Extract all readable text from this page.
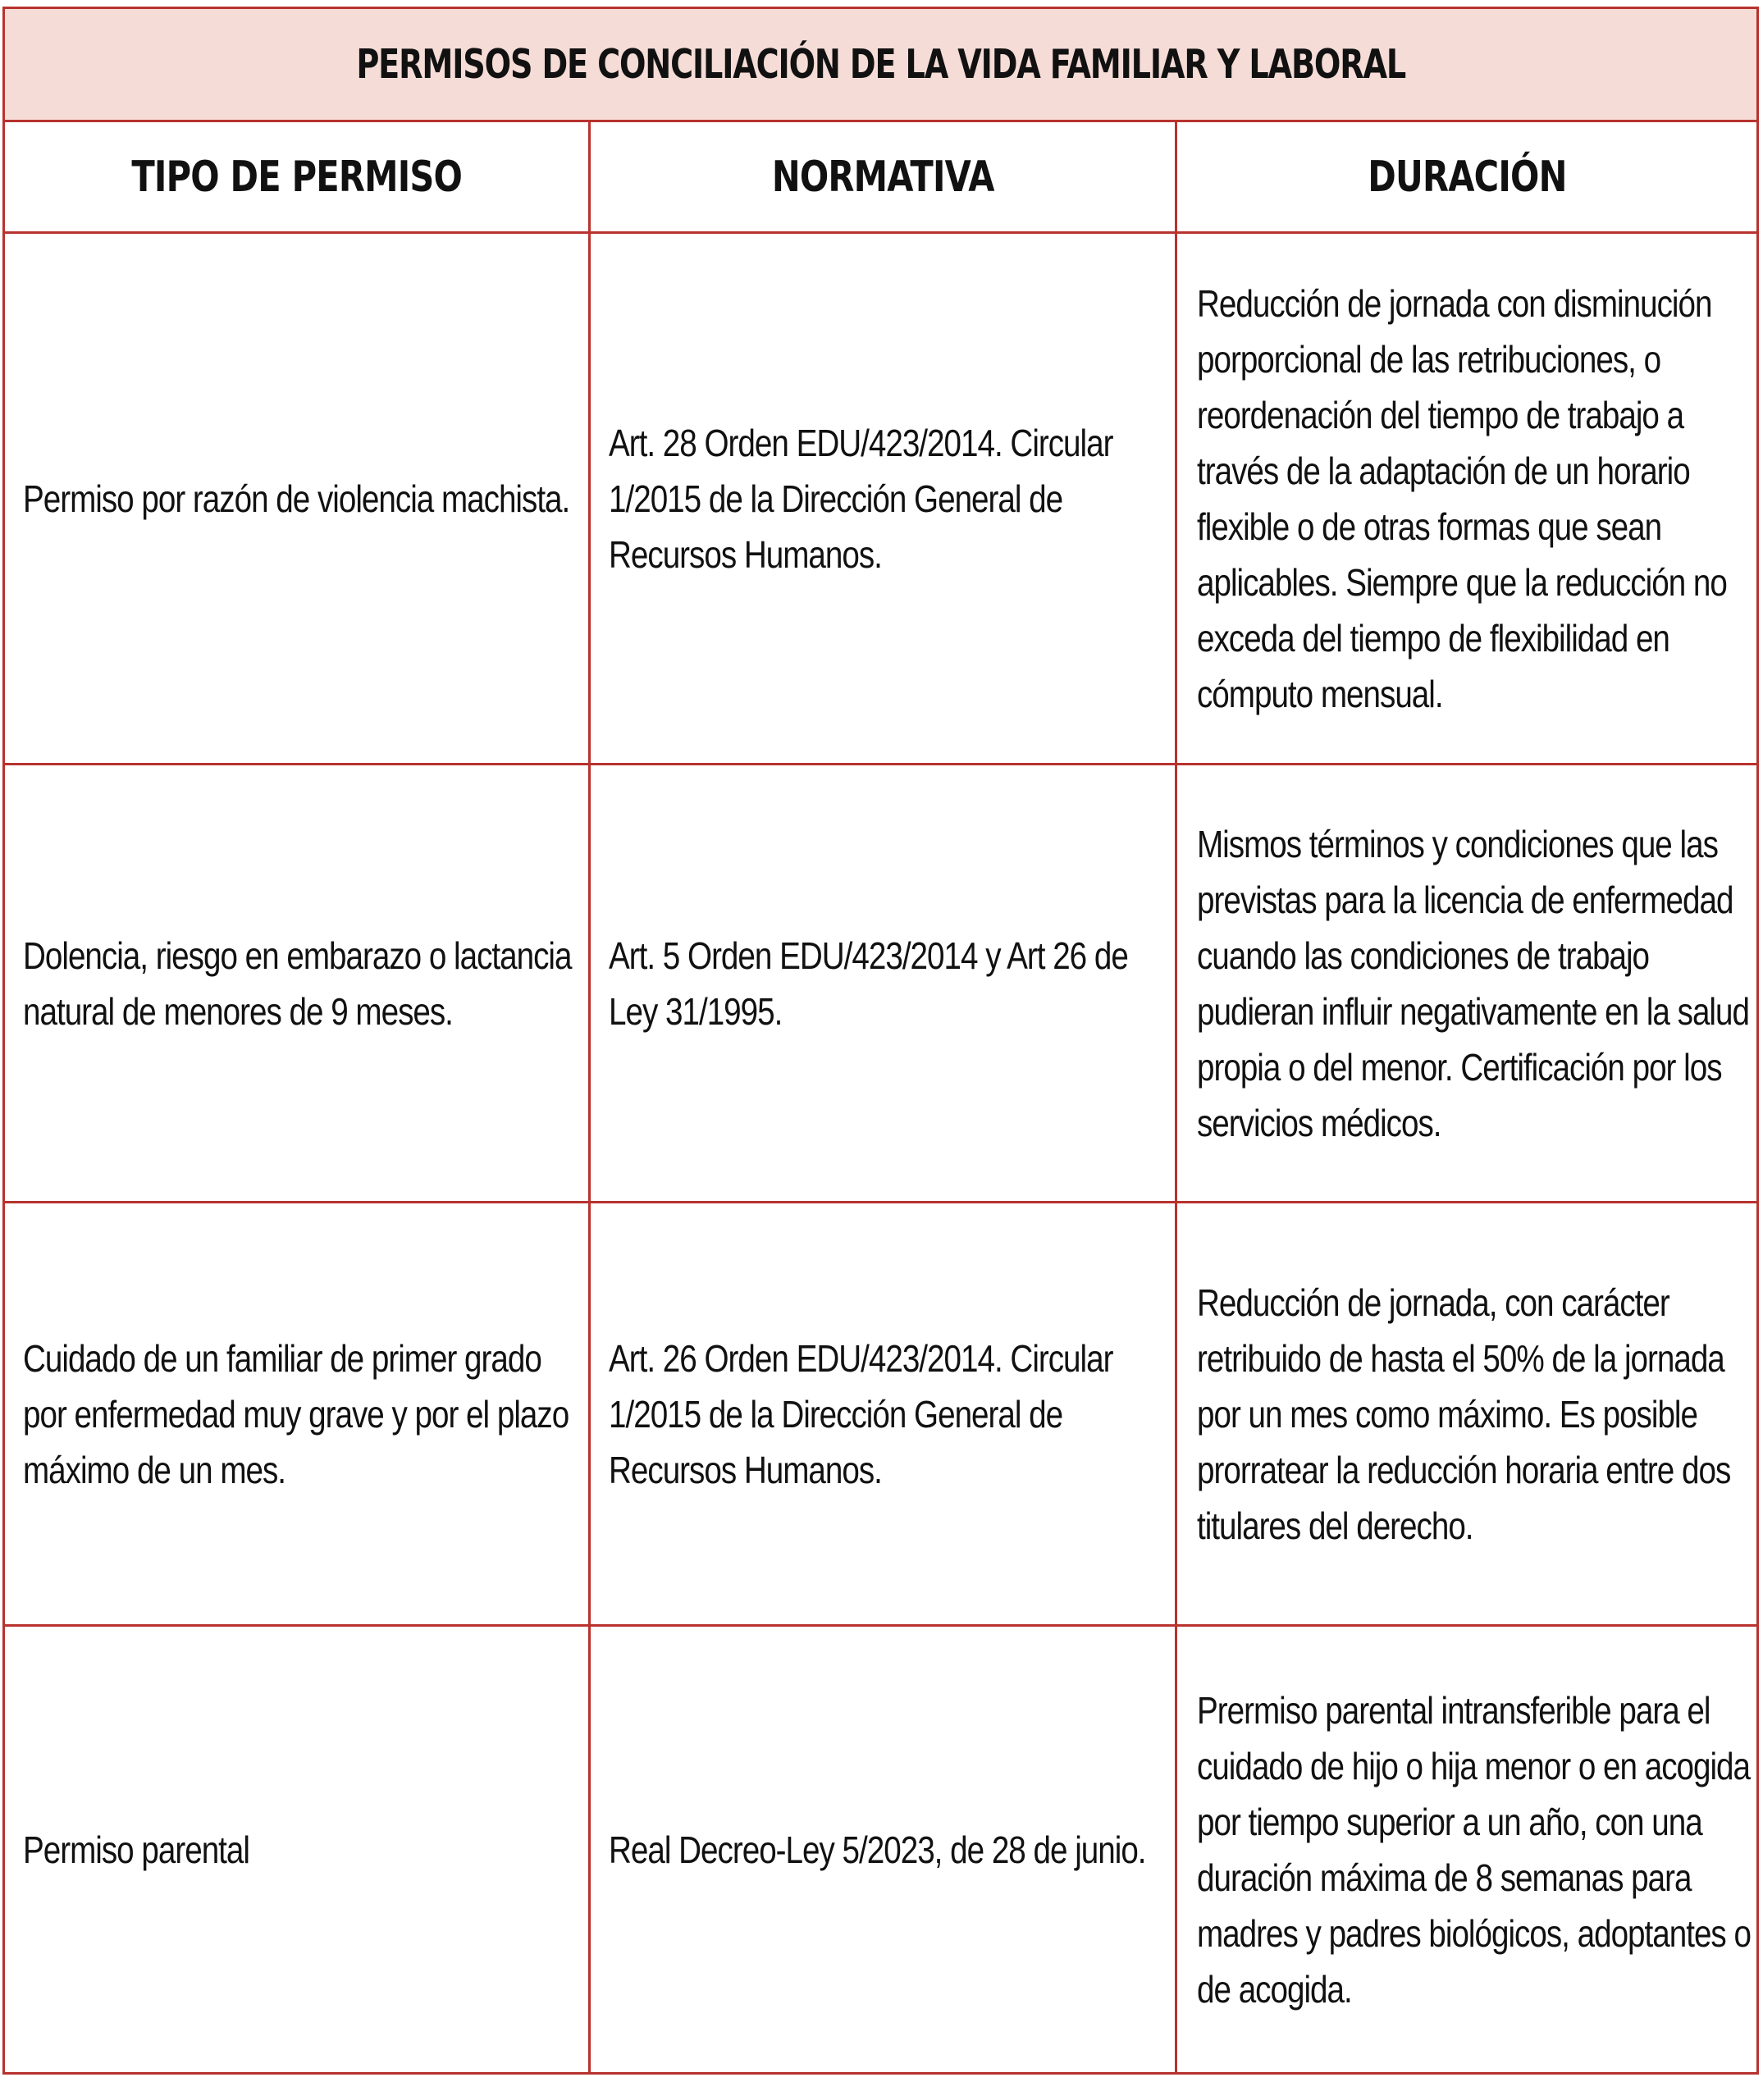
PERMISOS DE CONCILIACIÓN DE LA VIDA FAMILIAR Y LABORAL		
TIPO DE PERMISO	NORMATIVA	DURACIÓN

Permiso por razón de violencia machista.	Art. 28 Orden EDU/423/2014. Circular 1/2015 de la Dirección General de Recursos Humanos.	Reducción de jornada con disminución porporcional de las retribuciones, o reordenación del tiempo de trabajo a través de la adaptación de un horario flexible o de otras formas que sean aplicables. Siempre que la reducción no exceda del tiempo de flexibilidad en cómputo mensual.

Dolencia, riesgo en embarazo o lactancia natural de menores de 9 meses.	Art. 5 Orden EDU/423/2014 y Art 26 de Ley 31/1995.	Mismos términos y condiciones que las previstas para la licencia de enfermedad cuando las condiciones de trabajo pudieran influir negativamente en la salud propia o del menor. Certificación por los servicios médicos.

Cuidado de un familiar de primer grado por enfermedad muy grave y por el plazo máximo de un mes.	Art. 26 Orden EDU/423/2014. Circular 1/2015 de la Dirección General de Recursos Humanos.	Reducción de jornada, con carácter retribuido de hasta el 50% de la jornada por un mes como máximo. Es posible prorratear la reducción horaria entre dos titulares del derecho.

Permiso parental	Real Decreo-Ley 5/2023, de 28 de junio.	Prermiso parental intransferible para el cuidado de hijo o hija menor o en acogida por tiempo superior a un año, con una duración máxima de 8 semanas para madres y padres biológicos, adoptantes o de acogida.
